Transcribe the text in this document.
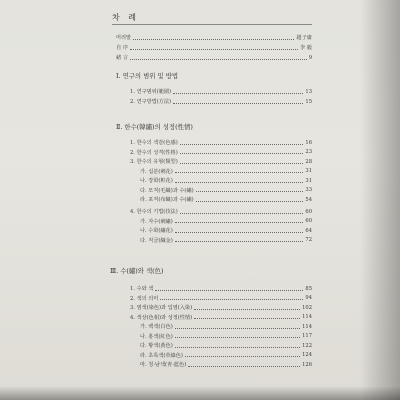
차 례
머리말	趙子庸
自 序	李 毅
緒 言	9
Ⅰ. 연구의 범위 및 방법
1. 연구범위(範圍)	13
2. 연구방법(方法)	15
Ⅱ. 한수(韓繡)의 성정(性情)
1. 한수의 색감(色感)	16
2. 한수의 성격(性格)	23
3. 한수의 유형(類型)	28
가. 십분(刺花)	31
나. 장화(粧花)	31
다. 모직(毛織)과 수(繡)	33
라. 포직(布織)과 수(繡)	54
4. 한수의 기법(技法)	60
가. 자수(刺繡)	60
나. 수화(繡花)	64
다. 직금(織金)	72
Ⅲ. 수(繡)와 색(色)
1. 수와 색	85
2. 색의 의미	94
3. 염색(染色)과 입염(入染)	102
4. 색상(色相)과 성정(性情)	114
가. 백색(白色)	114
나. 홍색(紅色)	117
다. 황색(黃色)	122
라. 초록색(草綠色)	124
마. 청·남색(靑·藍色)	126
